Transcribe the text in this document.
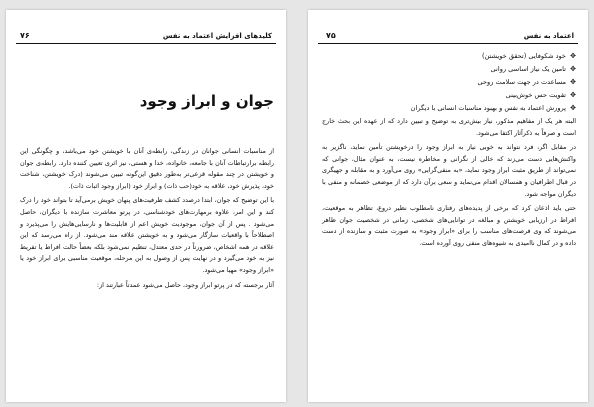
۷۶	کلیدهای افزایش اعتماد به نفس
جوان و ابراز وجود

از مناسبات انسانی جوانان در زندگی، رابطه‌ی آنان با خویشتن خود می‌باشد، و چگونگی این رابطه برارتباطات آنان با جامعه، خانواده، خدا و هستی، نیز اثری تعیین کننده دارد. رابطه‌ی جوان و خویشتن در چند مقوله قرعی‌تر به‌طور دقیق این‌گونه تبیین می‌شوند (درک خویشتن، شناخت خود، پذیرش خود، علاقه به خود(حب ذات) و ابراز خود (ابراز وجود اثبات ذات).

با این توضیح که جوان، ابتدا درصدد کشف ظرفیت‌های پنهان خویش برمی‌آید تا بتواند خود را درک کند و این امر، علاوه برمهارت‌های خودشناسی، در پرتو معاشرت سازنده با دیگران، حاصل می‌شود . پس از آن جوان، موجودیت خویش اعم از قابلیت‌ها و نارسایی‌هایش را می‌پذیرد و اصطلاحاً با واقعیات سازگار می‌شود و به خویشتن علاقه مند می‌شود. از راه می‌رسد که این علاقه در همه اشخاص، ضرورتاً در حدی معتدل، تنظیم نمی‌شود بلکه بعضاً حالت افراط یا تفریط نیز به خود می‌گیرد و در نهایت پس از وصول به این مرحله، موقعیت مناسبی برای ابراز خود یا «ابراز وجود» مهیا می‌شود.

آثار برجسته که در پرتو ابراز وجود، حاصل می‌شود عمدتاً عبارتند از:

۷۵	اعتماد به نفس
✥
خود شکوفایی (تحقق خویشتن)
✥
تامین یک نیاز اساسی روانی
✥
مساعدت در جهت سلامت روحی
✥
تقویت حس خوش‌بینی
✥
پرورش اعتماد به نفس و بهبود مناسبات انسانی با دیگران

البته هر یک از مفاهیم مذکور، نیاز بیش‌تری به توضیح و تبیین دارد که از عهده این بحث خارج است و صرفاً به ذکرآثار اکتفا می‌شود.

در مقابل اگر، فرد نتواند به خوبی نیاز به ابراز وجود را درخویشتن تأمین نماید، ناگزیر به واکنش‌هایی دست می‌زند که خالی از نگرانی و مخاطره نیست، به عنوان مثال، جوانی که نمی‌تواند از طریق مثبت ابراز وجود نماید، «به منفی‌گرایی» روی می‌آورد و به مقابله و جهیگری در قبال اطرافیان و همسالان اقدام می‌نماید و سعی برآن دارد که از موضعی خصمانه و منفی با دیگران مواجه شود.

حتی باید اذعان کرد که برخی از پدیده‌های رفتاری نامطلوب نظیر دروغ، تظاهر به موقعیت، افراط در ارزیابی خویشتن و مبالغه در توانایی‌های شخصی، زمانی در شخصیت جوان ظاهر می‌شوند که وی فرصت‌های مناسب را برای «ابراز وجود» به صورت مثبت و سازنده از دست داده و در کمال ناامیدی به شیوه‌های منفی روی آورده است.
